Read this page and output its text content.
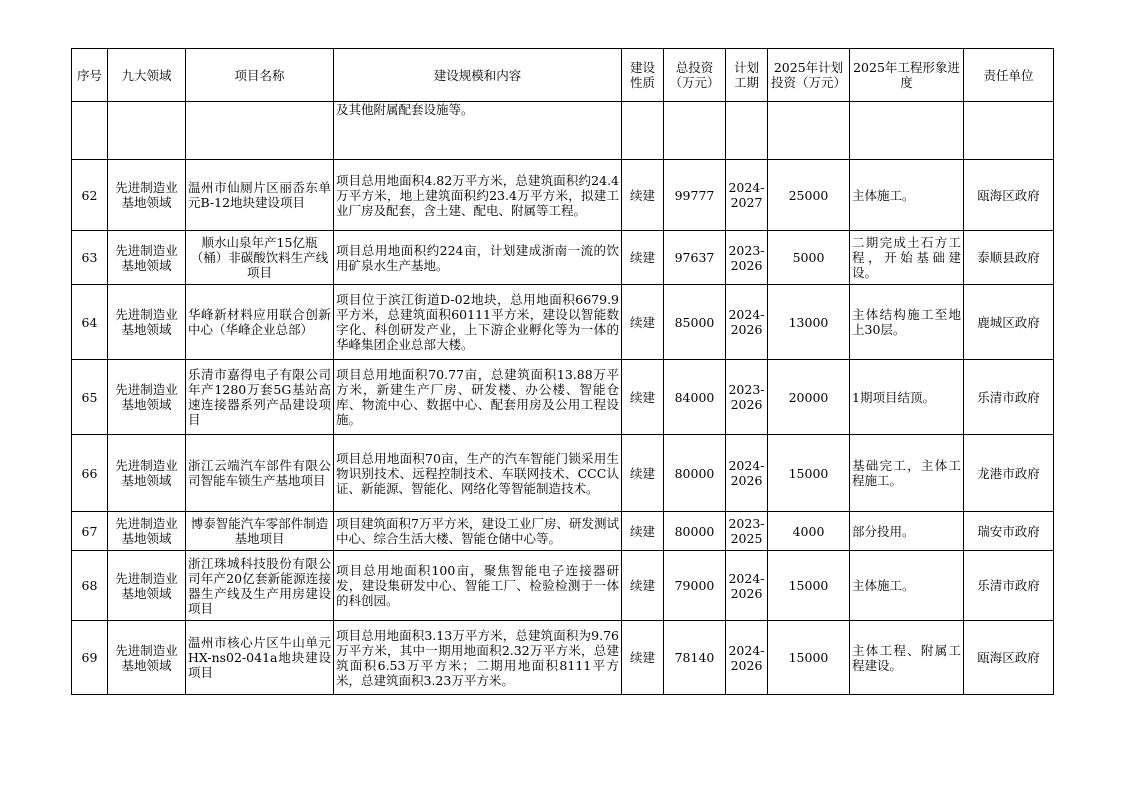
序号	九大领域	项目名称	建设规模和内容	建设性质	总投资（万元）	计划工期	2025年计划投资（万元）	2025年工程形象进度	责任单位
			及其他附属配套设施等。						
62	先进制造业基地领域	温州市仙厕片区丽岙东单元B-12地块建设项目	项目总用地面积4.82万平方米，总建筑面积约24.4万平方米，地上建筑面积约23.4万平方米，拟建工业厂房及配套，含土建、配电、附属等工程。	续建	99777	2024-2027	25000	主体施工。	瓯海区政府
63	先进制造业基地领域	顺水山泉年产15亿瓶（桶）非碳酸饮料生产线项目	项目总用地面积约224亩，计划建成浙南一流的饮用矿泉水生产基地。	续建	97637	2023-2026	5000	二期完成土石方工程，开始基础建设。	泰顺县政府
64	先进制造业基地领域	华峰新材料应用联合创新中心（华峰企业总部）	项目位于滨江街道D-02地块，总用地面积6679.9平方米，总建筑面积60111平方米，建设以智能数字化、科创研发产业，上下游企业孵化等为一体的华峰集团企业总部大楼。	续建	85000	2024-2026	13000	主体结构施工至地上30层。	鹿城区政府
65	先进制造业基地领域	乐清市嘉得电子有限公司年产1280万套5G基站高速连接器系列产品建设项目	项目总用地面积70.77亩，总建筑面积13.88万平方米，新建生产厂房、研发楼、办公楼、智能仓库、物流中心、数据中心、配套用房及公用工程设施。	续建	84000	2023-2026	20000	1期项目结顶。	乐清市政府
66	先进制造业基地领域	浙江云端汽车部件有限公司智能车锁生产基地项目	项目总用地面积70亩，生产的汽车智能门锁采用生物识别技术、远程控制技术、车联网技术、CCC认证、新能源、智能化、网络化等智能制造技术。	续建	80000	2024-2026	15000	基础完工，主体工程施工。	龙港市政府
67	先进制造业基地领域	博泰智能汽车零部件制造基地项目	项目建筑面积7万平方米，建设工业厂房、研发测试中心、综合生活大楼、智能仓储中心等。	续建	80000	2023-2025	4000	部分投用。	瑞安市政府
68	先进制造业基地领域	浙江珠城科技股份有限公司年产20亿套新能源连接器生产线及生产用房建设项目	项目总用地面积100亩，聚焦智能电子连接器研发，建设集研发中心、智能工厂、检验检测于一体的科创园。	续建	79000	2024-2026	15000	主体施工。	乐清市政府
69	先进制造业基地领域	温州市核心片区牛山单元HX-ns02-041a地块建设项目	项目总用地面积3.13万平方米，总建筑面积为9.76万平方米，其中一期用地面积2.32万平方米，总建筑面积6.53万平方米；二期用地面积8111平方米，总建筑面积3.23万平方米。	续建	78140	2024-2026	15000	主体工程、附属工程建设。	瓯海区政府
